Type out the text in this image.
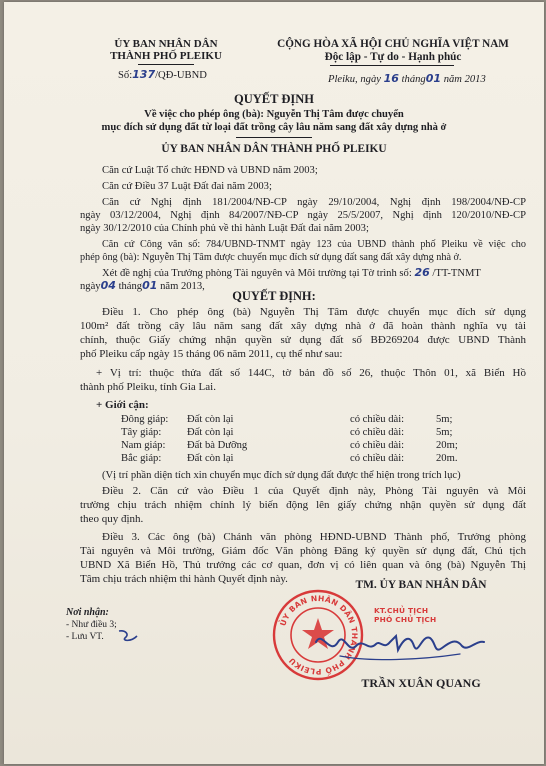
ỦY BAN NHÂN DÂN
THÀNH PHỐ PLEIKU
Số:137/QĐ-UBND
CỘNG HÒA XÃ HỘI CHỦ NGHĨA VIỆT NAM
Độc lập - Tự do - Hạnh phúc
Pleiku, ngày 16 tháng01 năm 2013
QUYẾT ĐỊNH
Về việc cho phép ông (bà): Nguyễn Thị Tâm được chuyển
mục đích sử dụng đất từ loại đất trồng cây lâu năm sang đất xây dựng nhà ở
ỦY BAN NHÂN DÂN THÀNH PHỐ PLEIKU
Căn cứ Luật Tổ chức HĐND và UBND năm 2003;
Căn cứ Điều 37 Luật Đất đai năm 2003;
Căn cứ Nghị định 181/2004/NĐ-CP ngày 29/10/2004, Nghị định 198/2004/NĐ-CP
ngày 03/12/2004, Nghị định 84/2007/NĐ-CP ngày 25/5/2007, Nghị định 120/2010/NĐ-CP
ngày 30/12/2010 của Chính phủ về thi hành Luật Đất đai năm 2003;
Căn cứ Công văn số: 784/UBND-TNMT ngày 123 của UBND thành phố Pleiku về việc cho
phép ông (bà): Nguyễn Thị Tâm được chuyển mục đích sử dụng đất sang đất xây dựng nhà ở.
Xét đề nghị của Trưởng phòng Tài nguyên và Môi trường tại Tờ trình số: 26 /TT-TNMT
ngày04 tháng01 năm 2013,
QUYẾT ĐỊNH:
Điều 1. Cho phép ông (bà) Nguyễn Thị Tâm được chuyển mục đích sử dụng
100m² đất trồng cây lâu năm sang đất xây dựng nhà ở đã hoàn thành nghĩa vụ tài
chính, thuộc Giấy chứng nhận quyền sử dụng đất số BĐ269204 được UBND Thành
phố Pleiku cấp ngày 15 tháng 06 năm 2011, cụ thể như sau:
+ Vị trí: thuộc thửa đất số 144C, tờ bản đồ số 26, thuộc Thôn 01, xã Biển Hồ
thành phố Pleiku, tỉnh Gia Lai.
+ Giới cận:
Đông giáp: Đất còn lại	có chiều dài:	5m;
Tây giáp: Đất còn lại	có chiều dài:	5m;
Nam giáp: Đất bà Dưỡng	có chiều dài:	20m;
Bắc giáp: Đất còn lại	có chiều dài:	20m.
(Vị trí phần diện tích xin chuyển mục đích sử dụng đất được thể hiện trong trích lục)
Điều 2. Căn cứ vào Điều 1 của Quyết định này, Phòng Tài nguyên và Môi
trường chịu trách nhiệm chỉnh lý biến động lên giấy chứng nhận quyền sử dụng đất
theo quy định.
Điều 3. Các ông (bà) Chánh văn phòng HĐND-UBND Thành phố, Trưởng phòng
Tài nguyên và Môi trường, Giám đốc Văn phòng Đăng ký quyền sử dụng đất, Chủ tịch
UBND Xã Biển Hồ, Thủ trưởng các cơ quan, đơn vị có liên quan và ông (bà) Nguyễn Thị
Tâm chịu trách nhiệm thi hành Quyết định này.
Nơi nhận:
- Như điều 3;
- Lưu VT.
TM. ỦY BAN NHÂN DÂN
ỦY BAN NHÂN DÂN THÀNH PHỐ PLEIKU
KT.CHỦ TỊCH PHÓ CHỦ TỊCH
TRẦN XUÂN QUANG
